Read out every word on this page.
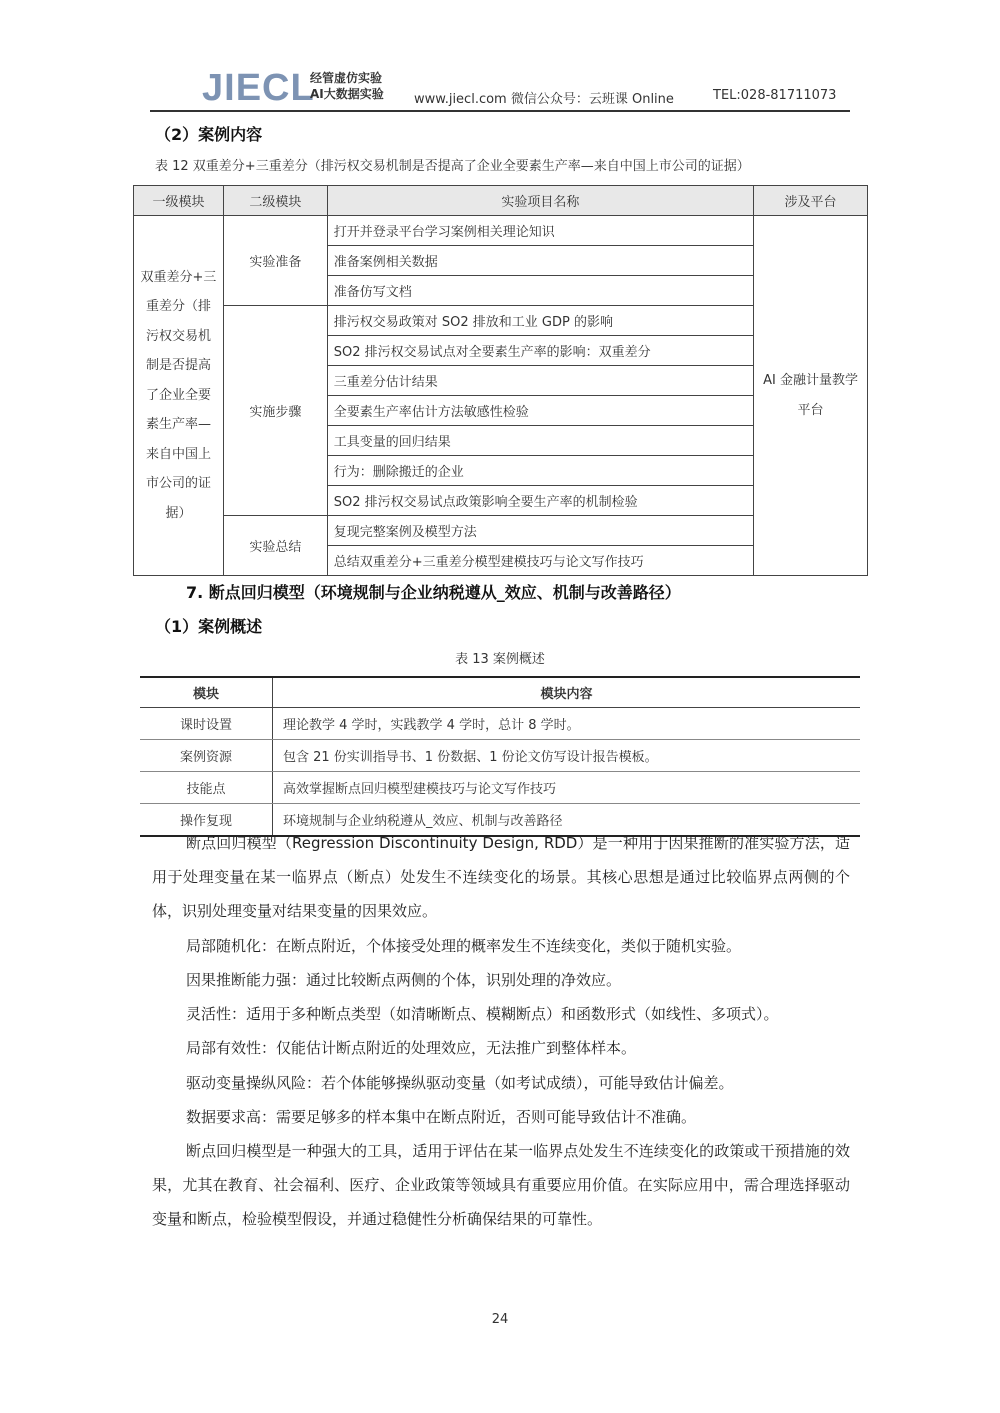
JIECL
经管虚仿实验
AI大数据实验 www.jiecl.com 微信公众号：云班课 Online	TEL:028-81711073
（2）案例内容
表 12 双重差分+三重差分（排污权交易机制是否提高了企业全要素生产率—来自中国上市公司的证据）
一级模块	二级模块	实验项目名称	涉及平台
双重差分+三重差分（排污权交易机制是否提高了企业全要素生产率—来自中国上市公司的证据）	实验准备	打开并登录平台学习案例相关理论知识	AI 金融计量教学平台
		准备案例相关数据	
		准备仿写文档	
	实施步骤	排污权交易政策对 SO2 排放和工业 GDP 的影响	
		SO2 排污权交易试点对全要素生产率的影响：双重差分	
		三重差分估计结果	
		全要素生产率估计方法敏感性检验	
		工具变量的回归结果	
		行为：删除搬迁的企业	
		SO2 排污权交易试点政策影响全要生产率的机制检验	
	实验总结	复现完整案例及模型方法	
		总结双重差分+三重差分模型建模技巧与论文写作技巧	
7. 断点回归模型（环境规制与企业纳税遵从_效应、机制与改善路径）
（1）案例概述
表 13 案例概述
模块	模块内容
课时设置	理论教学 4 学时，实践教学 4 学时，总计 8 学时。
案例资源	包含 21 份实训指导书、1 份数据、1 份论文仿写设计报告模板。
技能点	高效掌握断点回归模型建模技巧与论文写作技巧
操作复现	环境规制与企业纳税遵从_效应、机制与改善路径
断点回归模型（Regression Discontinuity Design, RDD）是一种用于因果推断的准实验方法，适用于处理变量在某一临界点（断点）处发生不连续变化的场景。其核心思想是通过比较临界点两侧的个体，识别处理变量对结果变量的因果效应。
局部随机化：在断点附近，个体接受处理的概率发生不连续变化，类似于随机实验。
因果推断能力强：通过比较断点两侧的个体，识别处理的净效应。
灵活性：适用于多种断点类型（如清晰断点、模糊断点）和函数形式（如线性、多项式）。
局部有效性：仅能估计断点附近的处理效应，无法推广到整体样本。
驱动变量操纵风险：若个体能够操纵驱动变量（如考试成绩），可能导致估计偏差。
数据要求高：需要足够多的样本集中在断点附近，否则可能导致估计不准确。
断点回归模型是一种强大的工具，适用于评估在某一临界点处发生不连续变化的政策或干预措施的效果，尤其在教育、社会福利、医疗、企业政策等领域具有重要应用价值。在实际应用中，需合理选择驱动变量和断点，检验模型假设，并通过稳健性分析确保结果的可靠性。
24
